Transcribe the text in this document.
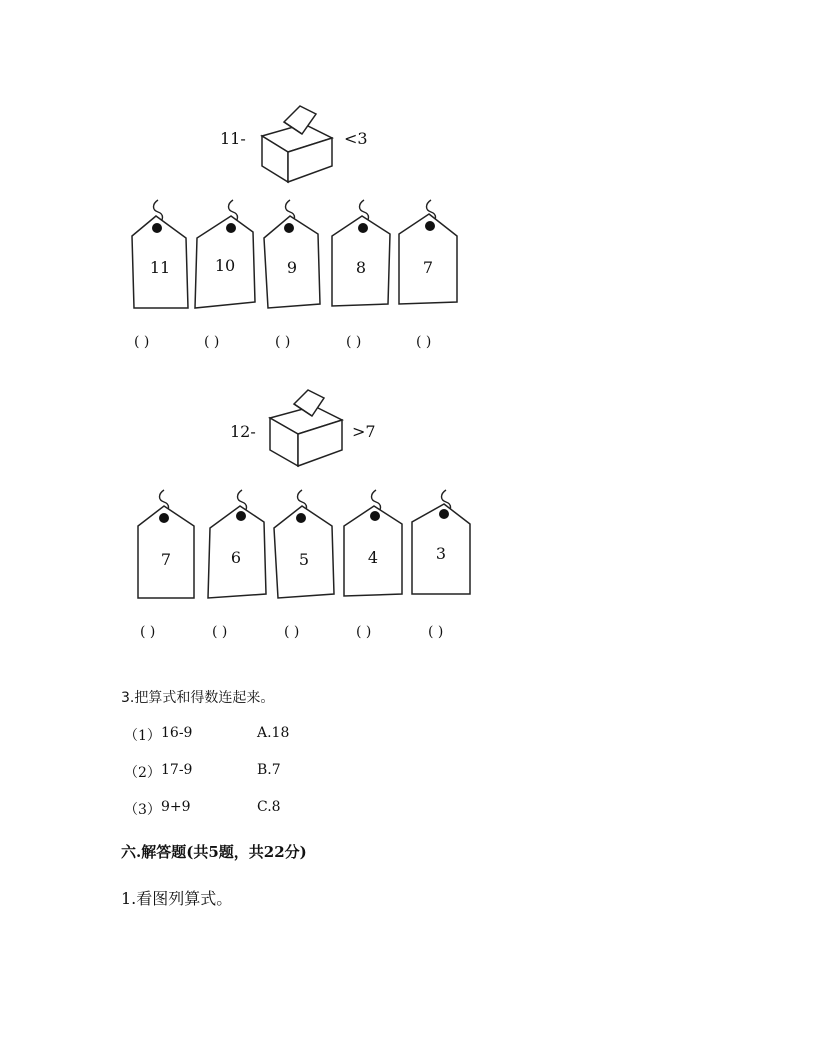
11-	<3
11	10	9	8	7
( )	( )	( )	( )	( )
12-	>7
7	6	5	4	3
( )	( )	( )	( )	( )
3.把算式和得数连起来。
（1） 16-9	A.18
（2） 17-9	B.7
（3） 9+9	C.8
六.解答题(共5题，共22分)
1.看图列算式。
